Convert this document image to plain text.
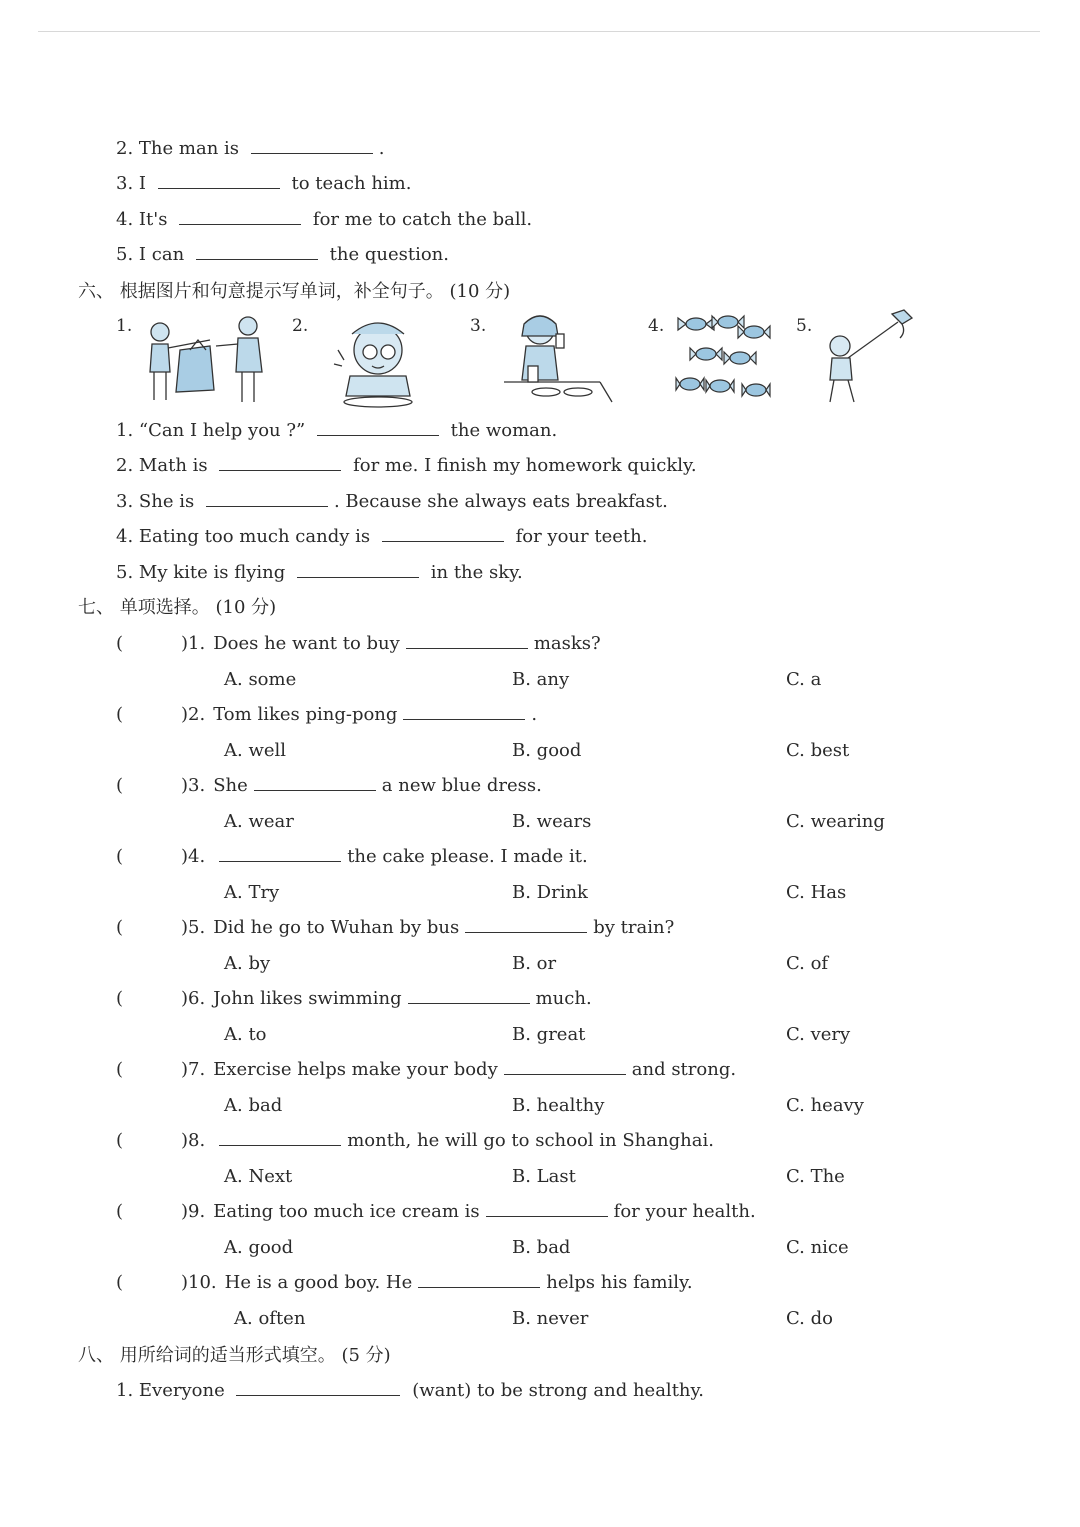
2. The man is	.
3. I	to teach him.
4. It's	for me to catch the ball.
5. I can	the question.
六、 根据图片和句意提示写单词，补全句子。 (10 分)
1.	2.	3.	4.	5.
1. “Can I help you ?”	the woman.
2. Math is	for me. I finish my homework quickly.
3. She is	. Because she always eats breakfast.
4. Eating too much candy is	for your teeth.
5. My kite is flying	in the sky.
七、 单项选择。 (10 分)
(	)1. Does he want to buy	masks?
A. some	B. any	C. a
(	)2. Tom likes ping-pong	.
A. well	B. good	C. best
(	)3. She	a new blue dress.
A. wear	B. wears	C. wearing
(	)4.	the cake please. I made it.
A. Try	B. Drink	C. Has
(	)5. Did he go to Wuhan by bus	by train?
A. by	B. or	C. of
(	)6. John likes swimming	much.
A. to	B. great	C. very
(	)7. Exercise helps make your body	and strong.
A. bad	B. healthy	C. heavy
(	)8.	month, he will go to school in Shanghai.
A. Next	B. Last	C. The
(	)9. Eating too much ice cream is	for your health.
A. good	B. bad	C. nice
(	)10. He is a good boy. He	helps his family.
A. often	B. never	C. do
八、 用所给词的适当形式填空。 (5 分)
1. Everyone	(want) to be strong and healthy.
